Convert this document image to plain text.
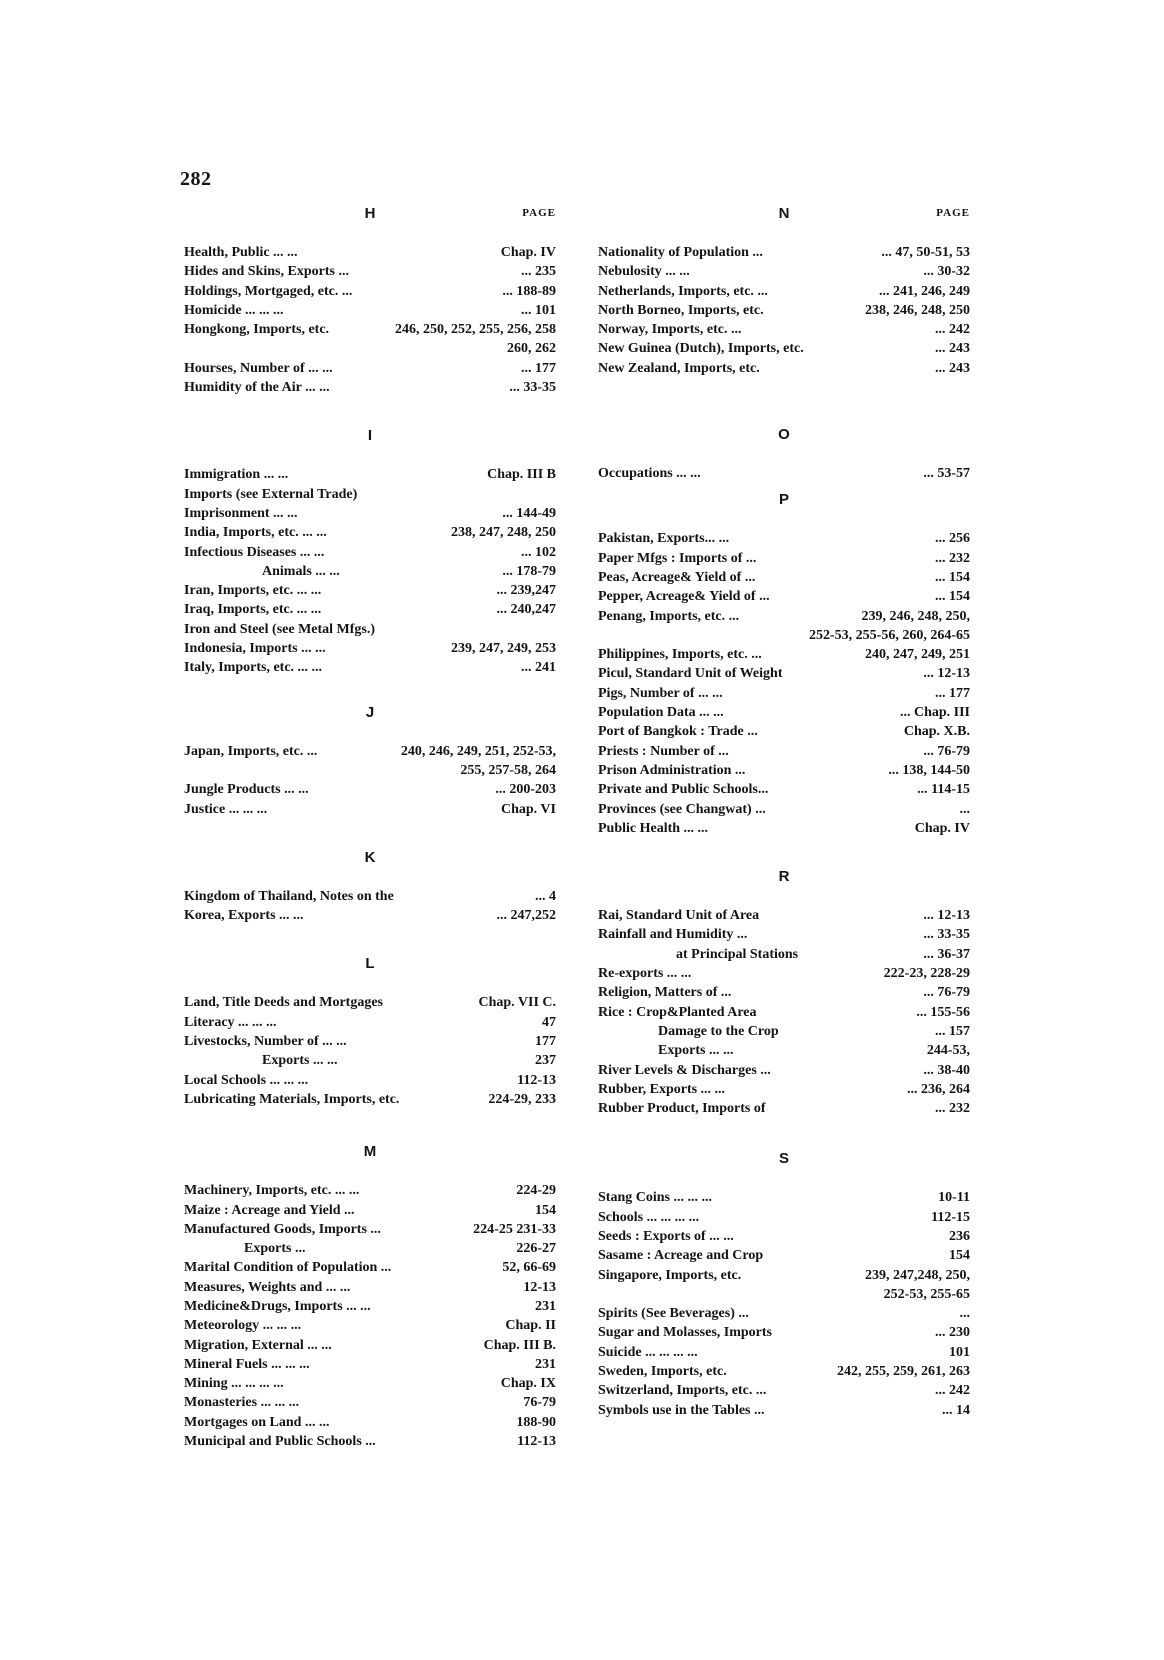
282
H	PAGE
Health, Public ... ...	Chap. IV
Hides and Skins, Exports ...	... 235
Holdings, Mortgaged, etc. ...	... 188-89
Homicide ... ... ...	... 101
Hongkong, Imports, etc.	246, 250, 252, 255, 256, 258
260, 262
Hourses, Number of ... ...	... 177
Humidity of the Air ... ...	... 33-35
I
Immigration ... ...	Chap. III B
Imports (see External Trade)
Imprisonment ... ...	... 144-49
India, Imports, etc. ... ...	238, 247, 248, 250
Infectious Diseases ... ...	... 102
Animals ... ...	... 178-79
Iran, Imports, etc. ... ...	... 239,247
Iraq, Imports, etc. ... ...	... 240,247
Iron and Steel (see Metal Mfgs.)
Indonesia, Imports ... ...	239, 247, 249, 253
Italy, Imports, etc. ... ...	... 241
J
Japan, Imports, etc. ...	240, 246, 249, 251, 252-53,
255, 257-58, 264
Jungle Products ... ...	... 200-203
Justice ... ... ...	Chap. VI
K
Kingdom of Thailand, Notes on the	... 4
Korea, Exports ... ...	... 247,252
L
Land, Title Deeds and Mortgages	Chap. VII C.
Literacy ... ... ...	47
Livestocks, Number of ... ...	177
Exports ... ...	237
Local Schools ... ... ...	112-13
Lubricating Materials, Imports, etc.	224-29, 233
M
Machinery, Imports, etc. ... ...	224-29
Maize : Acreage and Yield ...	154
Manufactured Goods, Imports ...	224-25 231-33
Exports ...	226-27
Marital Condition of Population ...	52, 66-69
Measures, Weights and ... ...	12-13
Medicine&Drugs, Imports ... ...	231
Meteorology ... ... ...	Chap. II
Migration, External ... ...	Chap. III B.
Mineral Fuels ... ... ...	231
Mining ... ... ... ...	Chap. IX
Monasteries ... ... ...	76-79
Mortgages on Land ... ...	188-90
Municipal and Public Schools ...	112-13
N	PAGE
Nationality of Population ...	... 47, 50-51, 53
Nebulosity ... ...	... 30-32
Netherlands, Imports, etc. ...	... 241, 246, 249
North Borneo, Imports, etc.	238, 246, 248, 250
Norway, Imports, etc. ...	... 242
New Guinea (Dutch), Imports, etc.	... 243
New Zealand, Imports, etc.	... 243
O
Occupations ... ...	... 53-57
P
Pakistan, Exports... ...	... 256
Paper Mfgs : Imports of ...	... 232
Peas, Acreage& Yield of ...	... 154
Pepper, Acreage& Yield of ...	... 154
Penang, Imports, etc. ...	239, 246, 248, 250,
252-53, 255-56, 260, 264-65
Philippines, Imports, etc. ...	240, 247, 249, 251
Picul, Standard Unit of Weight	... 12-13
Pigs, Number of ... ...	... 177
Population Data ... ...	... Chap. III
Port of Bangkok : Trade ...	Chap. X.B.
Priests : Number of ...	... 76-79
Prison Administration ...	... 138, 144-50
Private and Public Schools...	... 114-15
Provinces (see Changwat) ...	...
Public Health ... ...	Chap. IV
R
Rai, Standard Unit of Area	... 12-13
Rainfall and Humidity ...	... 33-35
at Principal Stations	... 36-37
Re-exports ... ...	222-23, 228-29
Religion, Matters of ...	... 76-79
Rice : Crop&Planted Area	... 155-56
Damage to the Crop	... 157
Exports ... ...	244-53,
River Levels & Discharges ...	... 38-40
Rubber, Exports ... ...	... 236, 264
Rubber Product, Imports of	... 232
S
Stang Coins ... ... ...	10-11
Schools ... ... ... ...	112-15
Seeds : Exports of ... ...	236
Sasame : Acreage and Crop	154
Singapore, Imports, etc.	239, 247,248, 250,
252-53, 255-65
Spirits (See Beverages) ...	...
Sugar and Molasses, Imports	... 230
Suicide ... ... ... ...	101
Sweden, Imports, etc.	242, 255, 259, 261, 263
Switzerland, Imports, etc. ...	... 242
Symbols use in the Tables ...	... 14
